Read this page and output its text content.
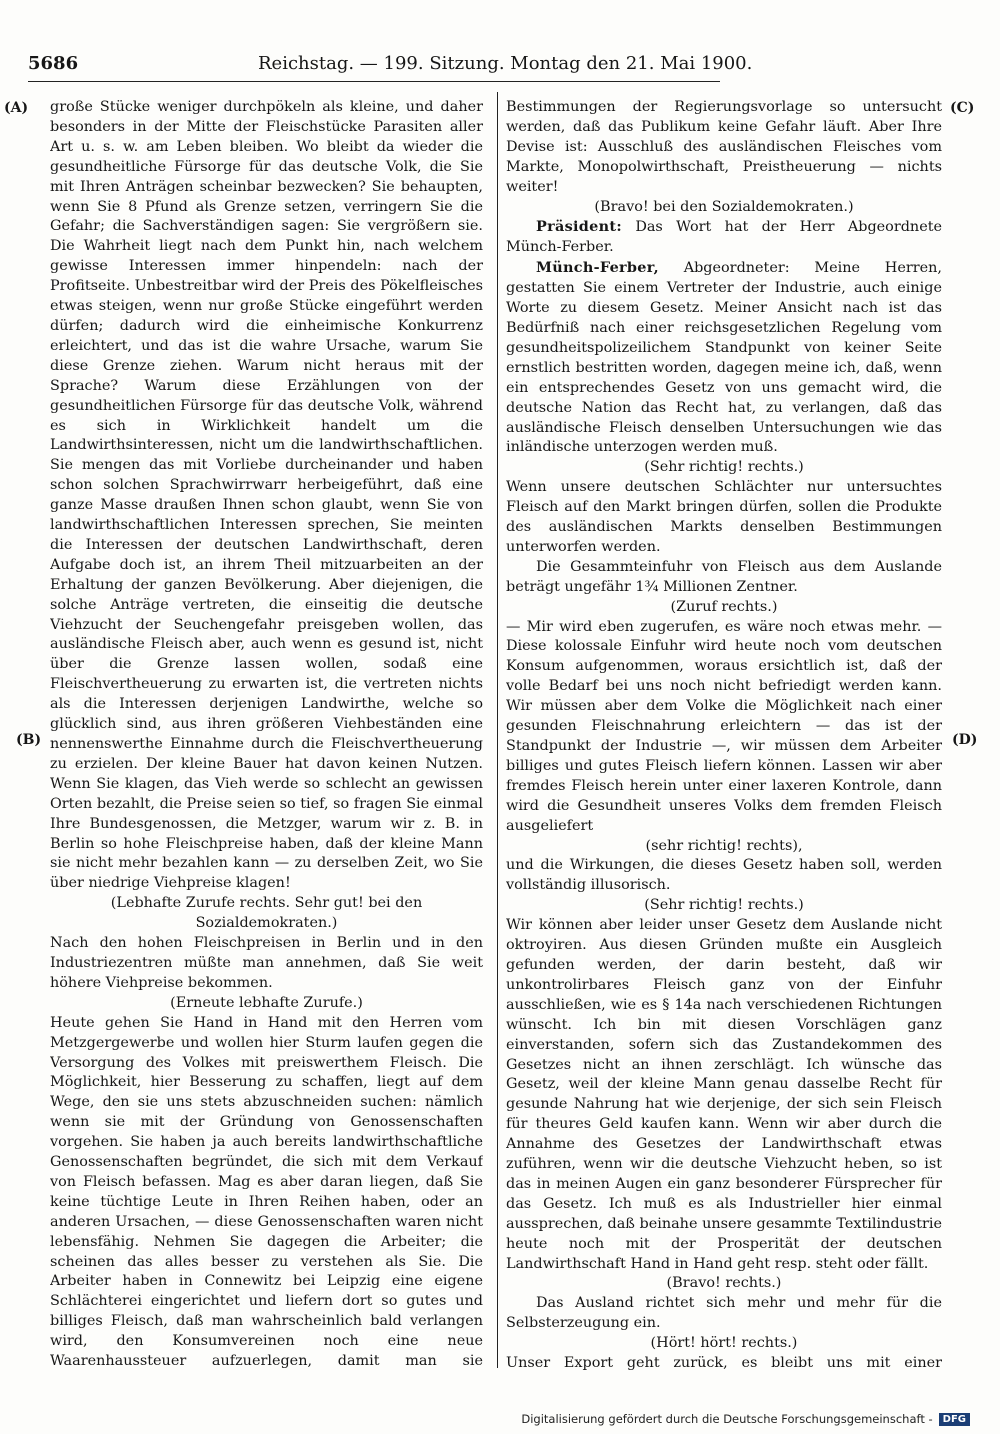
5686	Reichstag. — 199. Sitzung. Montag den 21. Mai 1900.
(A)
(B)
(C)
(D)

große Stücke weniger durchpökeln als kleine, und daher besonders in der Mitte der Fleischstücke Parasiten aller Art u. s. w. am Leben bleiben. Wo bleibt da wieder die gesundheitliche Fürsorge für das deutsche Volk, die Sie mit Ihren Anträgen scheinbar bezwecken? Sie behaupten, wenn Sie 8 Pfund als Grenze setzen, verringern Sie die Gefahr; die Sachverständigen sagen: Sie vergrößern sie. Die Wahrheit liegt nach dem Punkt hin, nach welchem gewisse Interessen immer hinpendeln: nach der Profitseite. Unbestreitbar wird der Preis des Pökelfleisches etwas steigen, wenn nur große Stücke eingeführt werden dürfen; dadurch wird die einheimische Konkurrenz erleichtert, und das ist die wahre Ursache, warum Sie diese Grenze ziehen. Warum nicht heraus mit der Sprache? Warum diese Erzählungen von der gesundheitlichen Fürsorge für das deutsche Volk, während es sich in Wirklichkeit handelt um die Landwirthsinteressen, nicht um die landwirthschaftlichen. Sie mengen das mit Vorliebe durcheinander und haben schon solchen Sprachwirrwarr herbeigeführt, daß eine ganze Masse draußen Ihnen schon glaubt, wenn Sie von landwirthschaftlichen Interessen sprechen, Sie meinten die Interessen der deutschen Landwirthschaft, deren Aufgabe doch ist, an ihrem Theil mitzuarbeiten an der Erhaltung der ganzen Bevölkerung. Aber diejenigen, die solche Anträge vertreten, die einseitig die deutsche Viehzucht der Seuchengefahr preisgeben wollen, das ausländische Fleisch aber, auch wenn es gesund ist, nicht über die Grenze lassen wollen, sodaß eine Fleischvertheuerung zu erwarten ist, die vertreten nichts als die Interessen derjenigen Landwirthe, welche so glücklich sind, aus ihren größeren Viehbeständen eine nennenswerthe Einnahme durch die Fleischvertheuerung zu erzielen. Der kleine Bauer hat davon keinen Nutzen. Wenn Sie klagen, das Vieh werde so schlecht an gewissen Orten bezahlt, die Preise seien so tief, so fragen Sie einmal Ihre Bundesgenossen, die Metzger, warum wir z. B. in Berlin so hohe Fleischpreise haben, daß der kleine Mann sie nicht mehr bezahlen kann — zu derselben Zeit, wo Sie über niedrige Viehpreise klagen!

(Lebhafte Zurufe rechts. Sehr gut! bei den Sozialdemokraten.)

Nach den hohen Fleischpreisen in Berlin und in den Industriezentren müßte man annehmen, daß Sie weit höhere Viehpreise bekommen.

(Erneute lebhafte Zurufe.)

Heute gehen Sie Hand in Hand mit den Herren vom Metzgergewerbe und wollen hier Sturm laufen gegen die Versorgung des Volkes mit preiswerthem Fleisch. Die Möglichkeit, hier Besserung zu schaffen, liegt auf dem Wege, den sie uns stets abzuschneiden suchen: nämlich wenn sie mit der Gründung von Genossenschaften vorgehen. Sie haben ja auch bereits landwirthschaftliche Genossenschaften begründet, die sich mit dem Verkauf von Fleisch befassen. Mag es aber daran liegen, daß Sie keine tüchtige Leute in Ihren Reihen haben, oder an anderen Ursachen, — diese Genossenschaften waren nicht lebensfähig. Nehmen Sie dagegen die Arbeiter; die scheinen das alles besser zu verstehen als Sie. Die Arbeiter haben in Connewitz bei Leipzig eine eigene Schlächterei eingerichtet und liefern dort so gutes und billiges Fleisch, daß man wahrscheinlich bald verlangen wird, den Konsumvereinen noch eine neue Waarenhaussteuer aufzuerlegen, damit man sie

Bestimmungen der Regierungsvorlage so untersucht werden, daß das Publikum keine Gefahr läuft. Aber Ihre Devise ist: Ausschluß des ausländischen Fleisches vom Markte, Monopolwirthschaft, Preistheuerung — nichts weiter!

(Bravo! bei den Sozialdemokraten.)

Präsident: Das Wort hat der Herr Abgeordnete Münch-Ferber.

Münch-Ferber, Abgeordneter: Meine Herren, gestatten Sie einem Vertreter der Industrie, auch einige Worte zu diesem Gesetz. Meiner Ansicht nach ist das Bedürfniß nach einer reichsgesetzlichen Regelung vom gesundheitspolizeilichem Standpunkt von keiner Seite ernstlich bestritten worden, dagegen meine ich, daß, wenn ein entsprechendes Gesetz von uns gemacht wird, die deutsche Nation das Recht hat, zu verlangen, daß das ausländische Fleisch denselben Untersuchungen wie das inländische unterzogen werden muß.

(Sehr richtig! rechts.)

Wenn unsere deutschen Schlächter nur untersuchtes Fleisch auf den Markt bringen dürfen, sollen die Produkte des ausländischen Markts denselben Bestimmungen unterworfen werden.

Die Gesammteinfuhr von Fleisch aus dem Auslande beträgt ungefähr 1¾ Millionen Zentner.

(Zuruf rechts.)

— Mir wird eben zugerufen, es wäre noch etwas mehr. — Diese kolossale Einfuhr wird heute noch vom deutschen Konsum aufgenommen, woraus ersichtlich ist, daß der volle Bedarf bei uns noch nicht befriedigt werden kann. Wir müssen aber dem Volke die Möglichkeit nach einer gesunden Fleischnahrung erleichtern — das ist der Standpunkt der Industrie —, wir müssen dem Arbeiter billiges und gutes Fleisch liefern können. Lassen wir aber fremdes Fleisch herein unter einer laxeren Kontrole, dann wird die Gesundheit unseres Volks dem fremden Fleisch ausgeliefert

(sehr richtig! rechts),

und die Wirkungen, die dieses Gesetz haben soll, werden vollständig illusorisch.

(Sehr richtig! rechts.)

Wir können aber leider unser Gesetz dem Auslande nicht oktroyiren. Aus diesen Gründen mußte ein Ausgleich gefunden werden, der darin besteht, daß wir unkontrolirbares Fleisch ganz von der Einfuhr ausschließen, wie es § 14a nach verschiedenen Richtungen wünscht. Ich bin mit diesen Vorschlägen ganz einverstanden, sofern sich das Zustandekommen des Gesetzes nicht an ihnen zerschlägt. Ich wünsche das Gesetz, weil der kleine Mann genau dasselbe Recht für gesunde Nahrung hat wie derjenige, der sich sein Fleisch für theures Geld kaufen kann. Wenn wir aber durch die Annahme des Gesetzes der Landwirthschaft etwas zuführen, wenn wir die deutsche Viehzucht heben, so ist das in meinen Augen ein ganz besonderer Fürsprecher für das Gesetz. Ich muß es als Industrieller hier einmal aussprechen, daß beinahe unsere gesammte Textilindustrie heute noch mit der Prosperität der deutschen Landwirthschaft Hand in Hand geht resp. steht oder fällt.

(Bravo! rechts.)

Das Ausland richtet sich mehr und mehr für die Selbsterzeugung ein.

(Hört! hört! rechts.)

Unser Export geht zurück, es bleibt uns mit einer

Digitalisierung gefördert durch die Deutsche Forschungsgemeinschaft -	DFG
